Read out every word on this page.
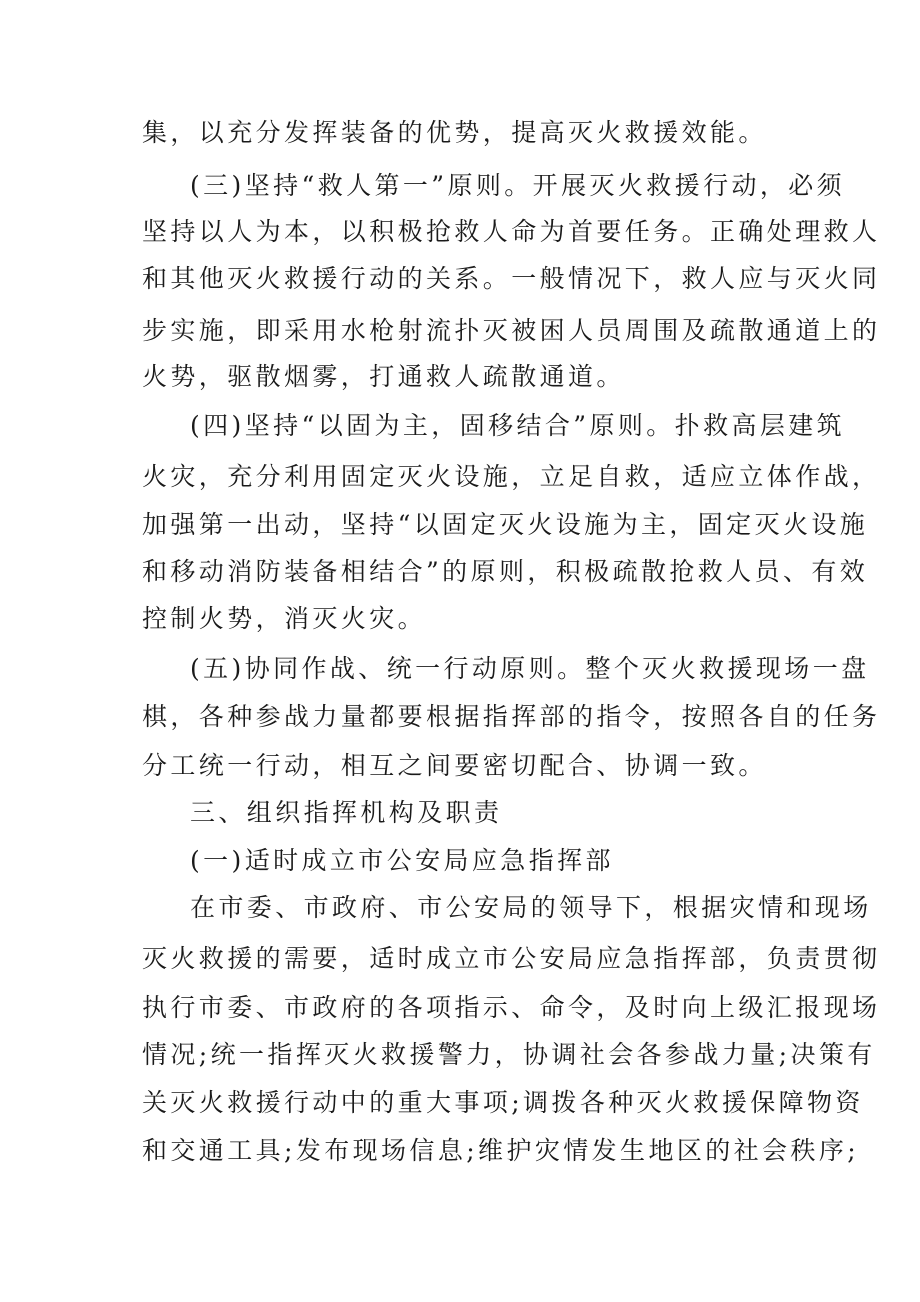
集，以充分发挥装备的优势，提高灭火救援效能。
(三)坚持“救人第一”原则。开展灭火救援行动，必须
坚持以人为本，以积极抢救人命为首要任务。正确处理救人
和其他灭火救援行动的关系。一般情况下，救人应与灭火同
步实施，即采用水枪射流扑灭被困人员周围及疏散通道上的
火势，驱散烟雾，打通救人疏散通道。
(四)坚持“以固为主，固移结合”原则。扑救高层建筑
火灾，充分利用固定灭火设施，立足自救，适应立体作战，
加强第一出动，坚持“以固定灭火设施为主，固定灭火设施
和移动消防装备相结合”的原则，积极疏散抢救人员、有效
控制火势，消灭火灾。
(五)协同作战、统一行动原则。整个灭火救援现场一盘
棋，各种参战力量都要根据指挥部的指令，按照各自的任务
分工统一行动，相互之间要密切配合、协调一致。
三、组织指挥机构及职责
(一)适时成立市公安局应急指挥部
在市委、市政府、市公安局的领导下，根据灾情和现场
灭火救援的需要，适时成立市公安局应急指挥部，负责贯彻
执行市委、市政府的各项指示、命令，及时向上级汇报现场
情况;统一指挥灭火救援警力，协调社会各参战力量;决策有
关灭火救援行动中的重大事项;调拨各种灭火救援保障物资
和交通工具;发布现场信息;维护灾情发生地区的社会秩序;
